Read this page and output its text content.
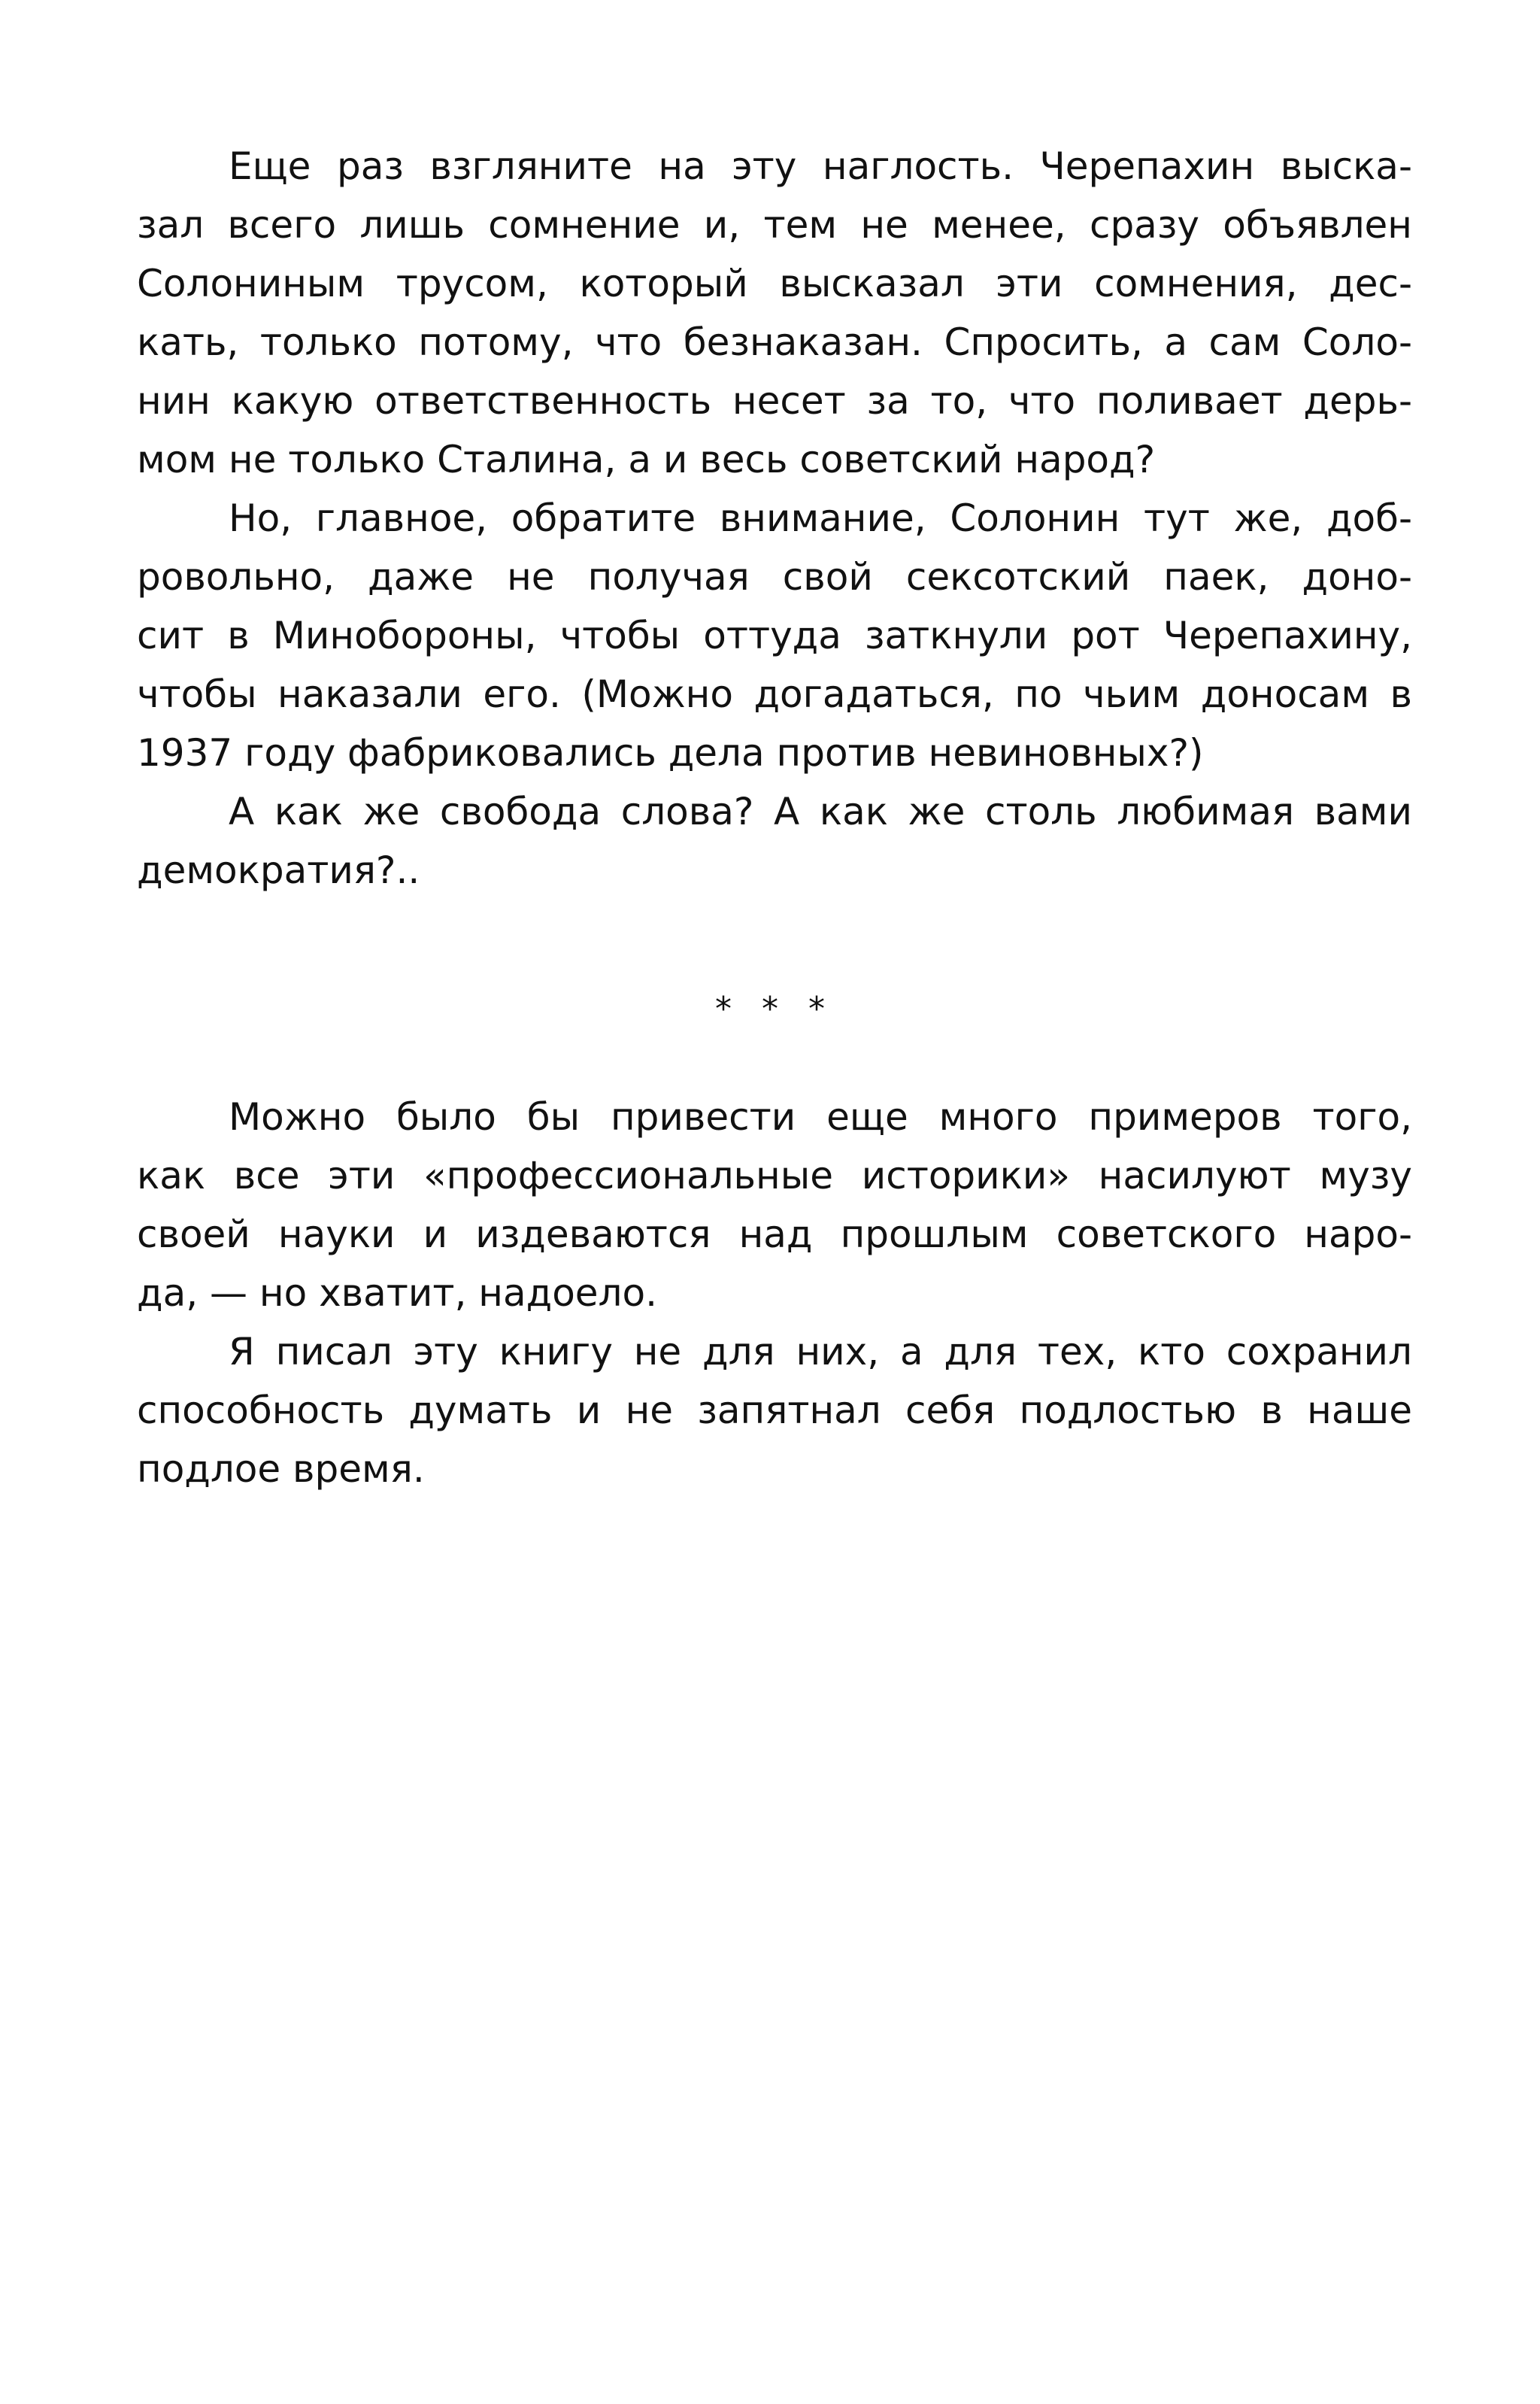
Еще раз взгляните на эту наглость. Черепахин выска-
зал всего лишь сомнение и, тем не менее, сразу объявлен
Солониным трусом, который высказал эти сомнения, дес-
кать, только потому, что безнаказан. Спросить, а сам Соло-
нин какую ответственность несет за то, что поливает дерь-
мом не только Сталина, а и весь советский народ?
Но, главное, обратите внимание, Солонин тут же, доб-
ровольно, даже не получая свой сексотский паек, доно-
сит в Минобороны, чтобы оттуда заткнули рот Черепахину,
чтобы наказали его. (Можно догадаться, по чьим доносам в
1937 году фабриковались дела против невиновных?)
А как же свобода слова? А как же столь любимая вами
демократия?..
* * *
Можно было бы привести еще много примеров того,
как все эти «профессиональные историки» насилуют музу
своей науки и издеваются над прошлым советского наро-
да, — но хватит, надоело.
Я писал эту книгу не для них, а для тех, кто сохранил
способность думать и не запятнал себя подлостью в наше
подлое время.
